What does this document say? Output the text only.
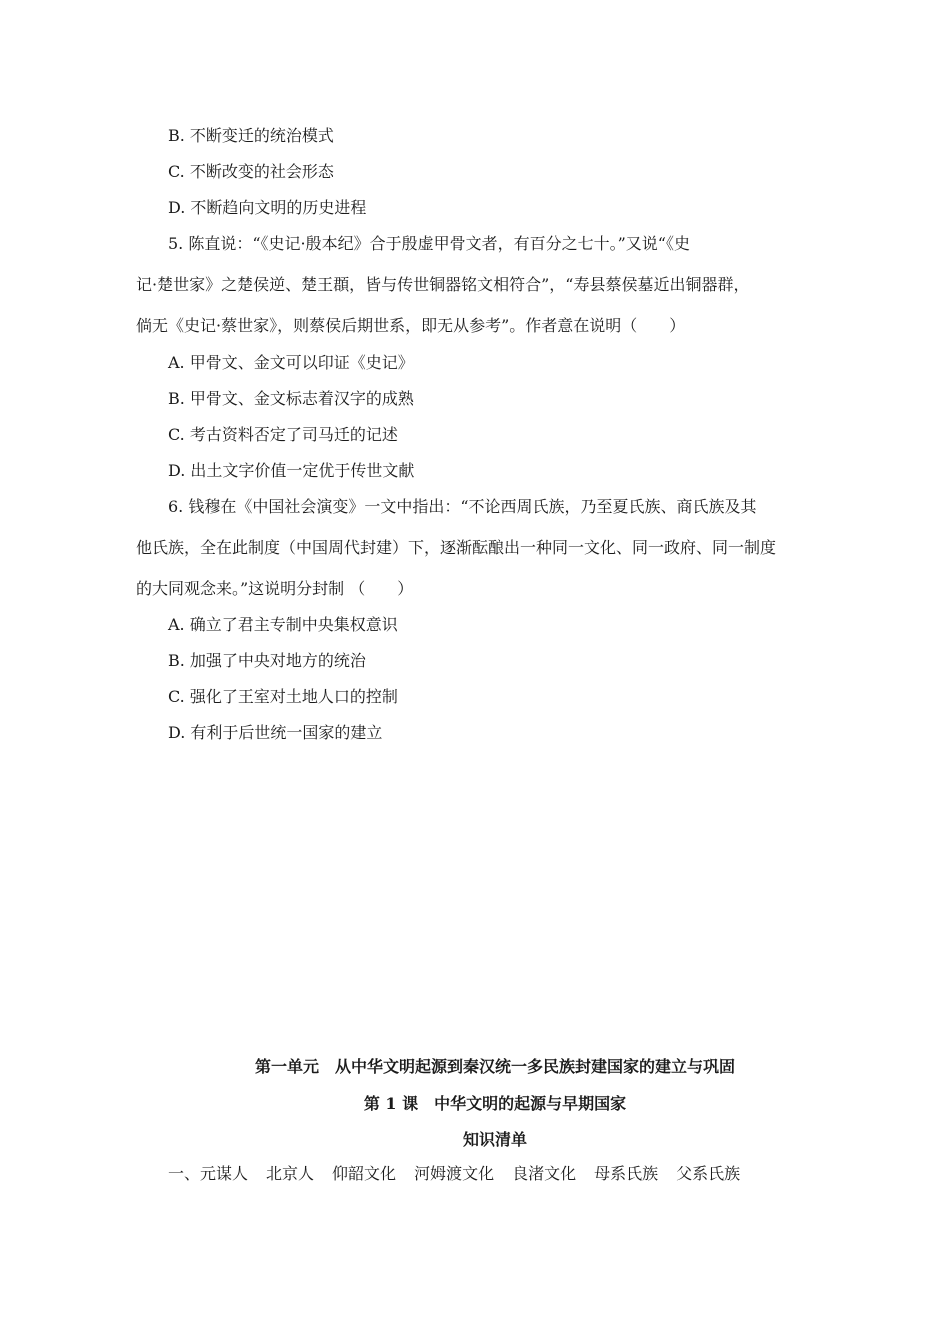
B. 不断变迁的统治模式
C. 不断改变的社会形态
D. 不断趋向文明的历史进程
5. 陈直说：“《史记·殷本纪》合于殷虚甲骨文者，有百分之七十。”又说“《史
记·楚世家》之楚侯逆、楚王頵，皆与传世铜器铭文相符合”，“寿县蔡侯墓近出铜器群，
倘无《史记·蔡世家》，则蔡侯后期世系，即无从参考”。作者意在说明（　　）
A. 甲骨文、金文可以印证《史记》
B. 甲骨文、金文标志着汉字的成熟
C. 考古资料否定了司马迁的记述
D. 出土文字价值一定优于传世文献
6. 钱穆在《中国社会演变》一文中指出：“不论西周氏族，乃至夏氏族、商氏族及其
他氏族，全在此制度（中国周代封建）下，逐渐酝酿出一种同一文化、同一政府、同一制度
的大同观念来。”这说明分封制 （　　）
A. 确立了君主专制中央集权意识
B. 加强了中央对地方的统治
C. 强化了王室对土地人口的控制
D. 有利于后世统一国家的建立
第一单元　从中华文明起源到秦汉统一多民族封建国家的建立与巩固
第 1 课　中华文明的起源与早期国家
知识清单
一、元谋人 北京人 仰韶文化 河姆渡文化 良渚文化 母系氏族 父系氏族
